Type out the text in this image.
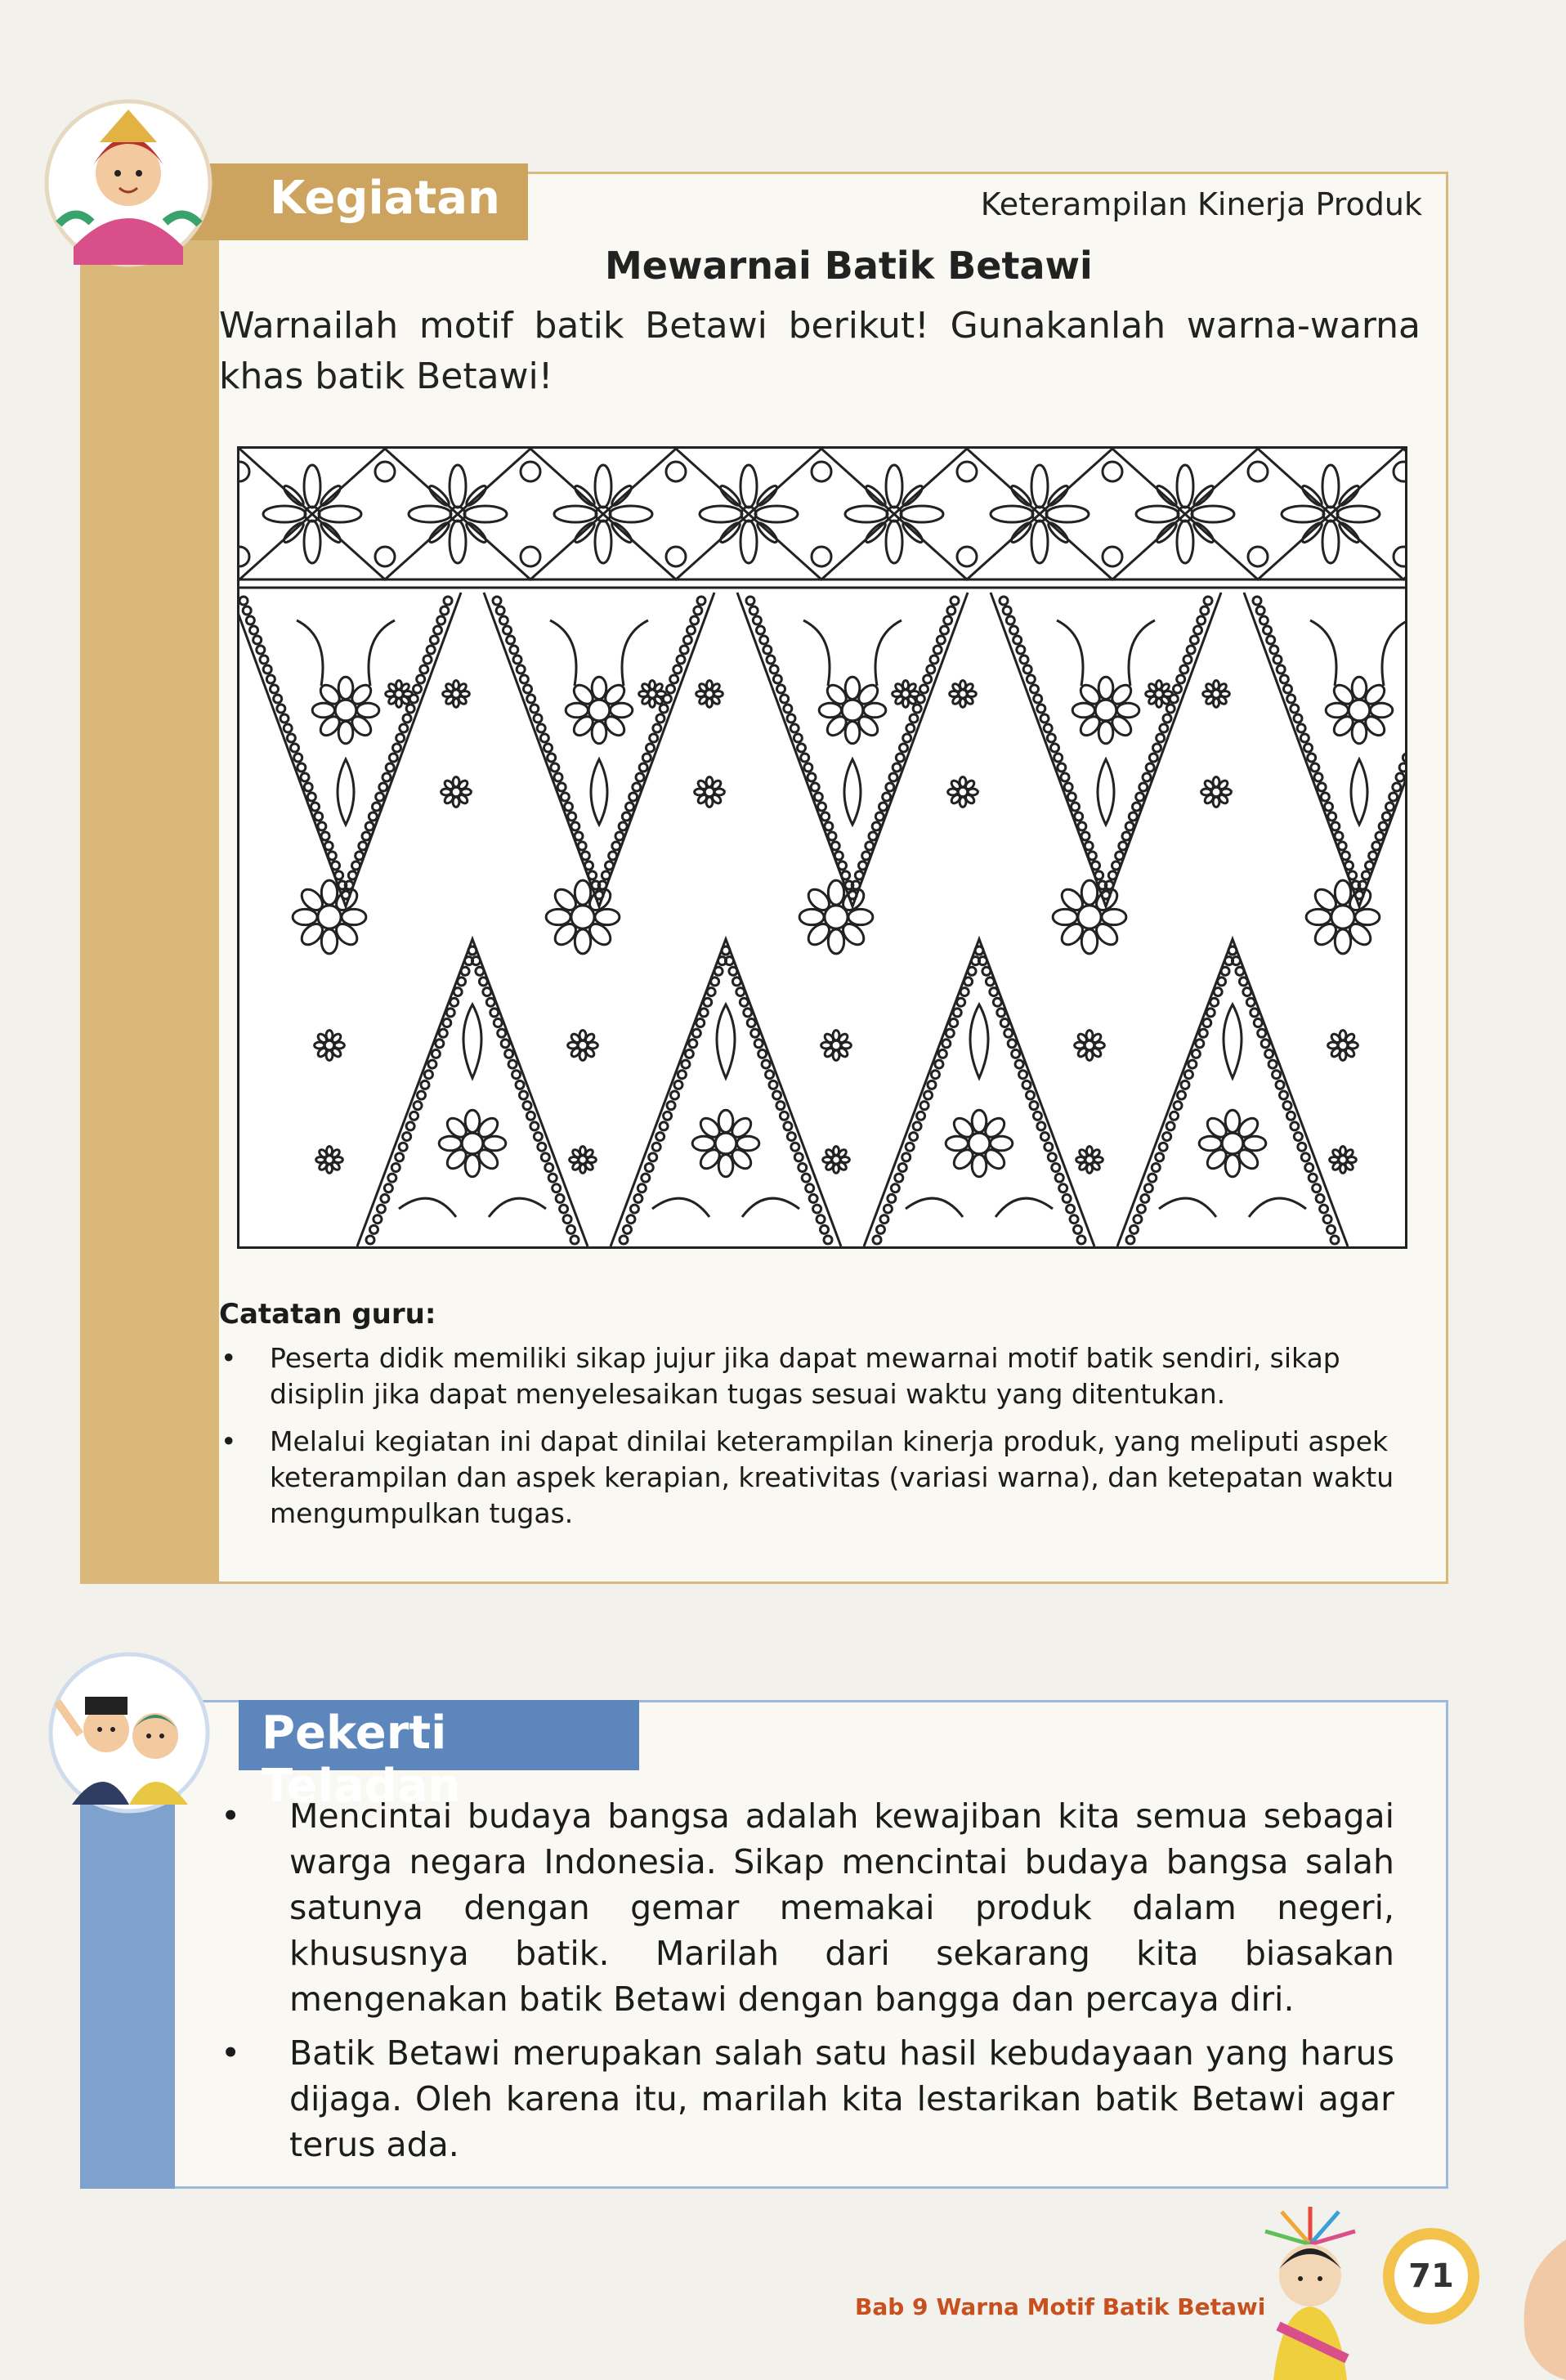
Kegiatan	Keterampilan Kinerja Produk
Mewarnai Batik Betawi
Warnailah motif batik Betawi berikut! Gunakanlah warna-warna khas batik Betawi!
Catatan guru:
• Peserta didik memiliki sikap jujur jika dapat mewarnai motif batik sendiri, sikap disiplin jika dapat menyelesaikan tugas sesuai waktu yang ditentukan.
• Melalui kegiatan ini dapat dinilai keterampilan kinerja produk, yang meliputi aspek keterampilan dan aspek kerapian, kreativitas (variasi warna), dan ketepatan waktu mengumpulkan tugas.
Pekerti Teladan
• Mencintai budaya bangsa adalah kewajiban kita semua sebagai warga negara Indonesia. Sikap mencintai budaya bangsa salah satunya dengan gemar memakai produk dalam negeri, khususnya batik. Marilah dari sekarang kita biasakan mengenakan batik Betawi dengan bangga dan percaya diri.
• Batik Betawi merupakan salah satu hasil kebudayaan yang harus dijaga. Oleh karena itu, marilah kita lestarikan batik Betawi agar terus ada.
Bab 9 Warna Motif Batik Betawi
71
